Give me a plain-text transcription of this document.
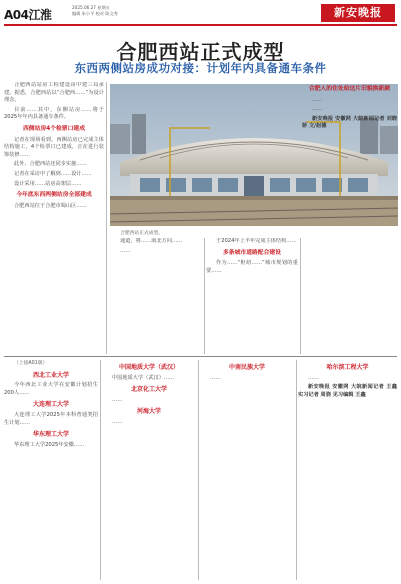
A04江淮
2025.06.27 星期五
编辑 朱小平 校对 陈文秀	新安晚报
合肥西站正式成型
东西两侧站房成功对接：计划年内具备通车条件

合肥西站站房工程建设由中建三局承建。据悉，合肥西站以“合肥西……”为设计理念。

目前……其中，东侧站房……将于2025年年内具备通车条件。

西侧站房4个检票口建成

记者在现场看到，西侧站房已完成主体结构施工，4个检票口已建成，正在进行装饰装修……

此外，合肥西站还同步实施……

记者在采访中了解到……设计……

设计采用……站房高架层……

今年底东西两侧站房全部建成

合肥西站位于合肥市蜀山区……

合肥西站正式成型。

通道，将……南北方向……

……

于2024年上半年完成主体结构……

多条城市道路配合建设

作为……“枢纽……”城市规划的重要……

合肥人的住处给这片旧貌换新颜

……

……

新安晚报 安徽网 大皖新闻记者 刘晓娇 文/赵德

（上接A01版）

西北工业大学

今年西北工业大学在安徽计划招生200人……

大连理工大学

大连理工大学2025年本科普通类招生计划……

华东理工大学

华东理工大学2025年安徽……

中国地质大学（武汉）

中国地质大学（武汉）……

北京化工大学

……

河海大学

……

中南民族大学

……

哈尔滨工程大学

……

新安晚报 安徽网 大皖新闻记者 王鑫 实习记者 周骁 见习编辑 王鑫
